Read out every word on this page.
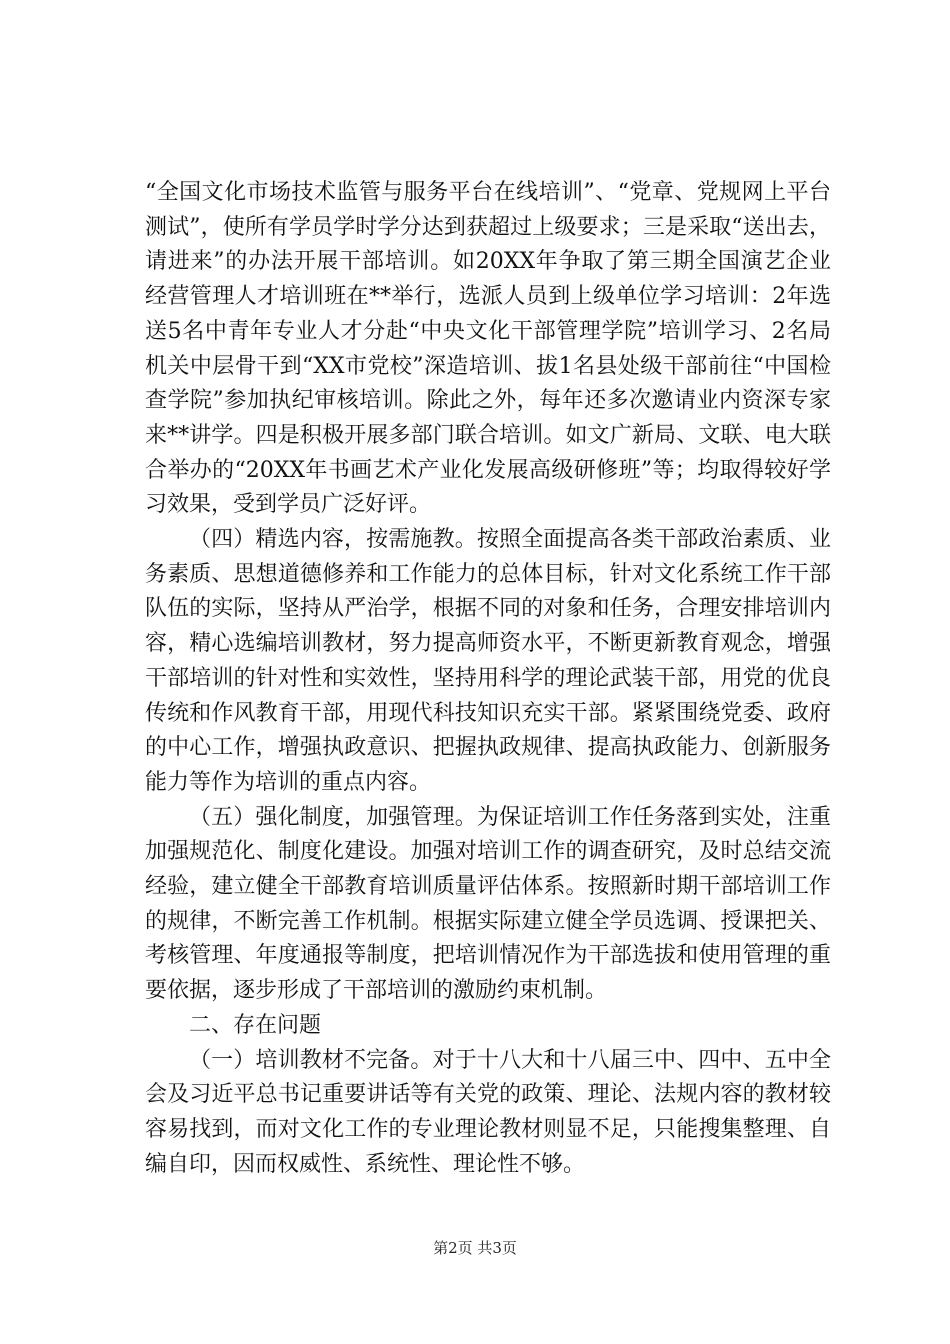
“全国文化市场技术监管与服务平台在线培训”、“党章、党规网上平台测试”，使所有学员学时学分达到获超过上级要求；三是采取“送出去，请进来”的办法开展干部培训。如20XX年争取了第三期全国演艺企业经营管理人才培训班在**举行，选派人员到上级单位学习培训：2年选送5名中青年专业人才分赴“中央文化干部管理学院”培训学习、2名局机关中层骨干到“XX市党校”深造培训、拔1名县处级干部前往“中国检查学院”参加执纪审核培训。除此之外，每年还多次邀请业内资深专家来**讲学。四是积极开展多部门联合培训。如文广新局、文联、电大联合举办的“20XX年书画艺术产业化发展高级研修班”等；均取得较好学习效果，受到学员广泛好评。

（四）精选内容，按需施教。按照全面提高各类干部政治素质、业务素质、思想道德修养和工作能力的总体目标，针对文化系统工作干部队伍的实际，坚持从严治学，根据不同的对象和任务，合理安排培训内容，精心选编培训教材，努力提高师资水平，不断更新教育观念，增强干部培训的针对性和实效性，坚持用科学的理论武装干部，用党的优良传统和作风教育干部，用现代科技知识充实干部。紧紧围绕党委、政府的中心工作，增强执政意识、把握执政规律、提高执政能力、创新服务能力等作为培训的重点内容。

（五）强化制度，加强管理。为保证培训工作任务落到实处，注重加强规范化、制度化建设。加强对培训工作的调查研究，及时总结交流经验，建立健全干部教育培训质量评估体系。按照新时期干部培训工作的规律，不断完善工作机制。根据实际建立健全学员选调、授课把关、考核管理、年度通报等制度，把培训情况作为干部选拔和使用管理的重要依据，逐步形成了干部培训的激励约束机制。

二、存在问题

（一）培训教材不完备。对于十八大和十八届三中、四中、五中全会及习近平总书记重要讲话等有关党的政策、理论、法规内容的教材较容易找到，而对文化工作的专业理论教材则显不足，只能搜集整理、自编自印，因而权威性、系统性、理论性不够。

第2页 共3页
